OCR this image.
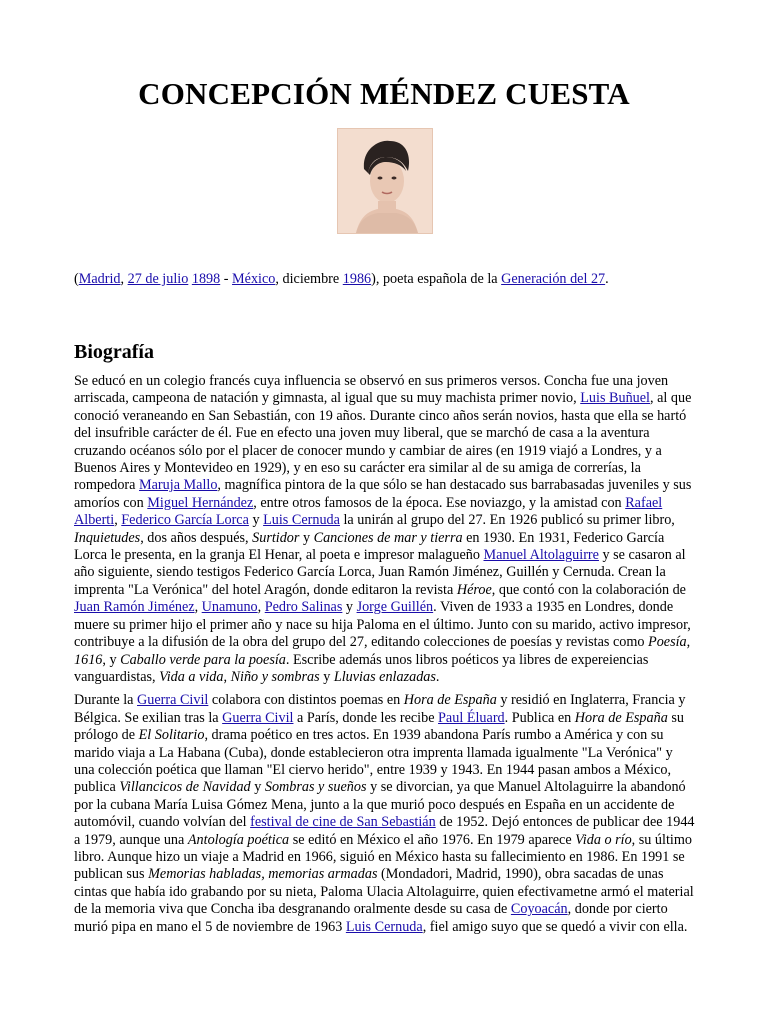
CONCEPCIÓN MÉNDEZ CUESTA

(Madrid, 27 de julio 1898 - México, diciembre 1986), poeta española de la Generación del 27.

Biografía

Se educó en un colegio francés cuya influencia se observó en sus primeros versos. Concha fue una joven arriscada, campeona de natación y gimnasta, al igual que su muy machista primer novio, Luis Buñuel, al que conoció veraneando en San Sebastián, con 19 años. Durante cinco años serán novios, hasta que ella se hartó del insufrible carácter de él. Fue en efecto una joven muy liberal, que se marchó de casa a la aventura cruzando océanos sólo por el placer de conocer mundo y cambiar de aires (en 1919 viajó a Londres, y a Buenos Aires y Montevideo en 1929), y en eso su carácter era similar al de su amiga de correrías, la rompedora Maruja Mallo, magnífica pintora de la que sólo se han destacado sus barrabasadas juveniles y sus amoríos con Miguel Hernández, entre otros famosos de la época. Ese noviazgo, y la amistad con Rafael Alberti, Federico García Lorca y Luis Cernuda la unirán al grupo del 27. En 1926 publicó su primer libro, Inquietudes, dos años después, Surtidor y Canciones de mar y tierra en 1930. En 1931, Federico García Lorca le presenta, en la granja El Henar, al poeta e impresor malagueño Manuel Altolaguirre y se casaron al año siguiente, siendo testigos Federico García Lorca, Juan Ramón Jiménez, Guillén y Cernuda. Crean la imprenta "La Verónica" del hotel Aragón, donde editaron la revista Héroe, que contó con la colaboración de Juan Ramón Jiménez, Unamuno, Pedro Salinas y Jorge Guillén. Viven de 1933 a 1935 en Londres, donde muere su primer hijo el primer año y nace su hija Paloma en el último. Junto con su marido, activo impresor, contribuye a la difusión de la obra del grupo del 27, editando colecciones de poesías y revistas como Poesía, 1616, y Caballo verde para la poesía. Escribe además unos libros poéticos ya libres de expereiencias vanguardistas, Vida a vida, Niño y sombras y Lluvias enlazadas.

Durante la Guerra Civil colabora con distintos poemas en Hora de España y residió en Inglaterra, Francia y Bélgica. Se exilian tras la Guerra Civil a París, donde les recibe Paul Éluard. Publica en Hora de España su prólogo de El Solitario, drama poético en tres actos. En 1939 abandona París rumbo a América y con su marido viaja a La Habana (Cuba), donde establecieron otra imprenta llamada igualmente "La Verónica" y una colección poética que llaman "El ciervo herido", entre 1939 y 1943. En 1944 pasan ambos a México, publica Villancicos de Navidad y Sombras y sueños y se divorcian, ya que Manuel Altolaguirre la abandonó por la cubana María Luisa Gómez Mena, junto a la que murió poco después en España en un accidente de automóvil, cuando volvían del festival de cine de San Sebastián de 1952. Dejó entonces de publicar dee 1944 a 1979, aunque una Antología poética se editó en México el año 1976. En 1979 aparece Vida o río, su último libro. Aunque hizo un viaje a Madrid en 1966, siguió en México hasta su fallecimiento en 1986. En 1991 se publican sus Memorias habladas, memorias armadas (Mondadori, Madrid, 1990), obra sacadas de unas cintas que había ido grabando por su nieta, Paloma Ulacia Altolaguirre, quien efectivametne armó el material de la memoria viva que Concha iba desgranando oralmente desde su casa de Coyoacán, donde por cierto murió pipa en mano el 5 de noviembre de 1963 Luis Cernuda, fiel amigo suyo que se quedó a vivir con ella.
